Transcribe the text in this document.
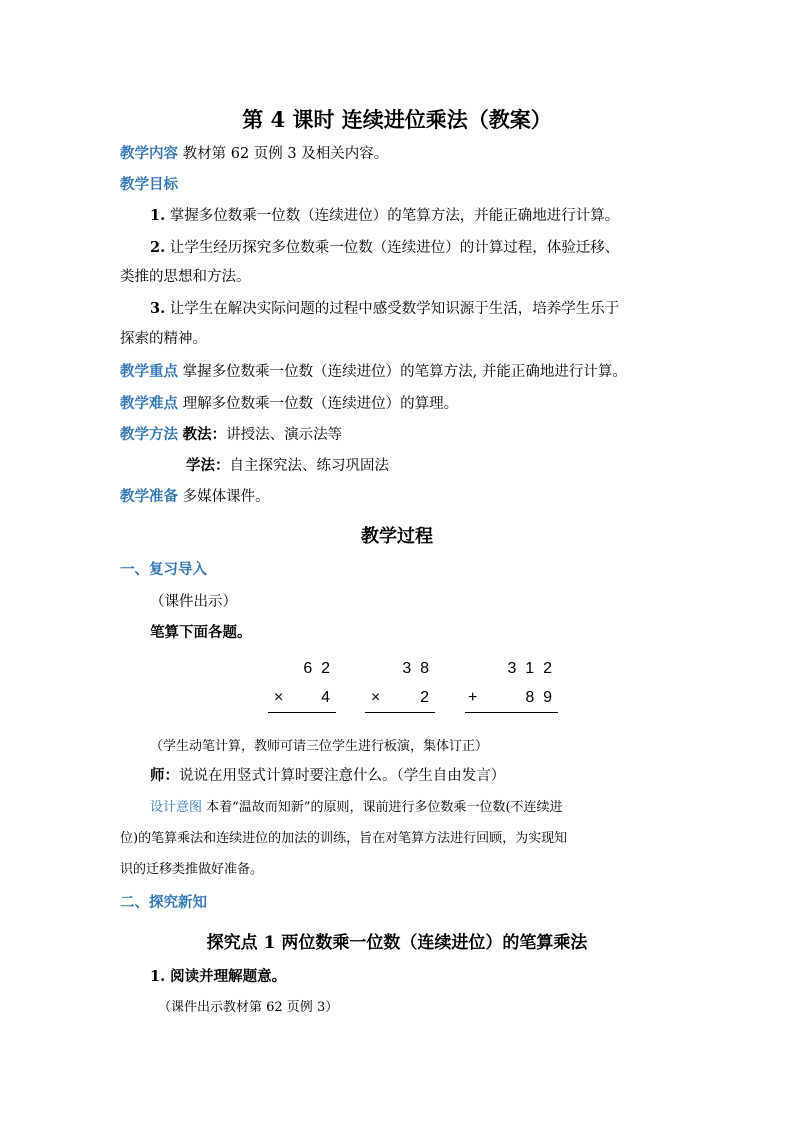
第 4 课时 连续进位乘法（教案）
教学内容 教材第 62 页例 3 及相关内容。
教学目标
1. 掌握多位数乘一位数（连续进位）的笔算方法，并能正确地进行计算。
2. 让学生经历探究多位数乘一位数（连续进位）的计算过程，体验迁移、
类推的思想和方法。
3. 让学生在解决实际问题的过程中感受数学知识源于生活，培养学生乐于
探索的精神。
教学重点 掌握多位数乘一位数（连续进位）的笔算方法, 并能正确地进行计算。
教学难点 理解多位数乘一位数（连续进位）的算理。
教学方法 教法：讲授法、演示法等
学法：自主探究法、练习巩固法
教学准备 多媒体课件。
教学过程
一、复习导入
（课件出示）
笔算下面各题。
6  2
× 4
3  8
× 2
3  1  2
+	8  9
（学生动笔计算，教师可请三位学生进行板演，集体订正）
师：说说在用竖式计算时要注意什么。（学生自由发言）
设计意图 本着“温故而知新”的原则，课前进行多位数乘一位数(不连续进
位)的笔算乘法和连续进位的加法的训练，旨在对笔算方法进行回顾，为实现知
识的迁移类推做好准备。
二、探究新知
探究点 1 两位数乘一位数（连续进位）的笔算乘法
1. 阅读并理解题意。
（课件出示教材第 62 页例 3）
